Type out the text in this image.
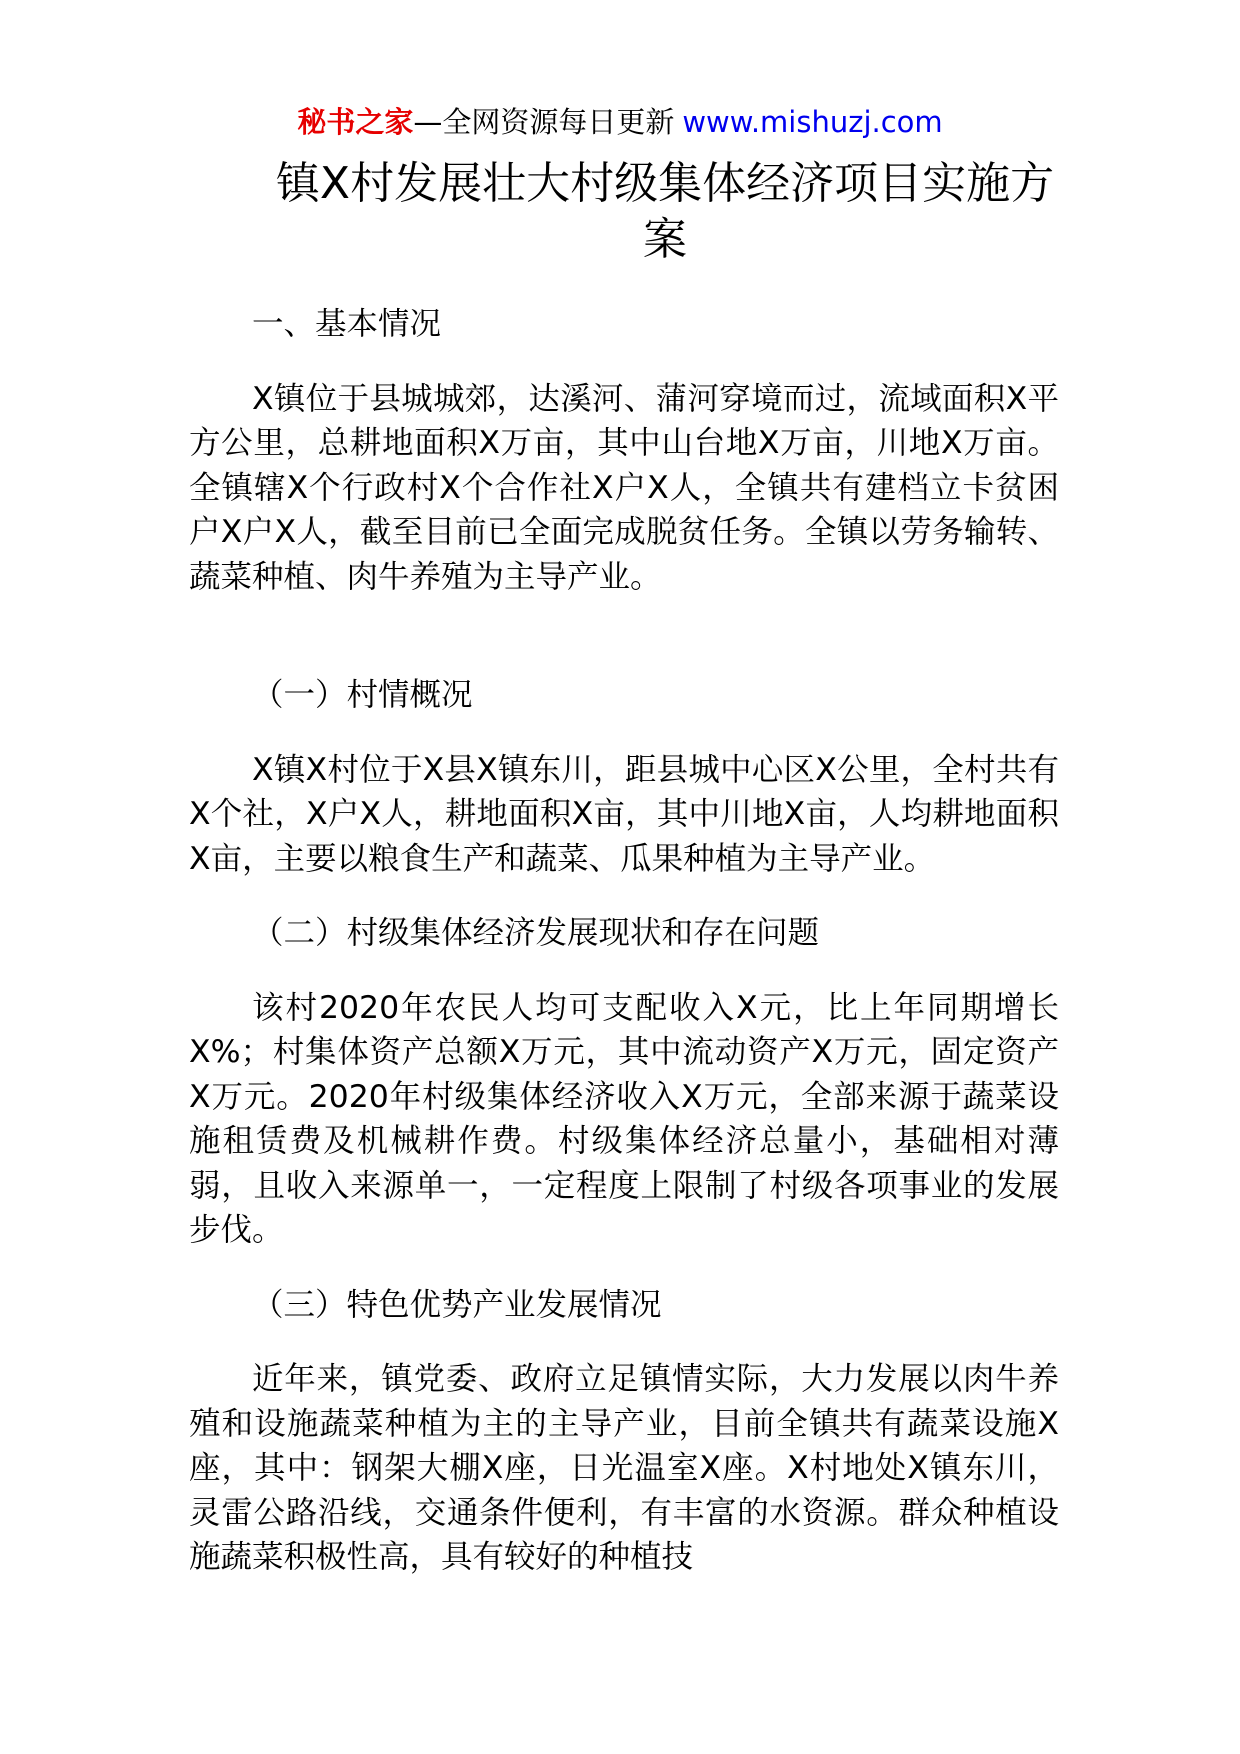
秘书之家—全网资源每日更新 www.mishuzj.com
镇X村发展壮大村级集体经济项目实施方案

一、基本情况

X镇位于县城城郊，达溪河、蒲河穿境而过，流域面积X平方公里，总耕地面积X万亩，其中山台地X万亩，川地X万亩。全镇辖X个行政村X个合作社X户X人，全镇共有建档立卡贫困户X户X人，截至目前已全面完成脱贫任务。全镇以劳务输转、蔬菜种植、肉牛养殖为主导产业。

（一）村情概况

X镇X村位于X县X镇东川，距县城中心区X公里，全村共有X个社，X户X人，耕地面积X亩，其中川地X亩，人均耕地面积X亩，主要以粮食生产和蔬菜、瓜果种植为主导产业。

（二）村级集体经济发展现状和存在问题

该村2020年农民人均可支配收入X元，比上年同期增长X%；村集体资产总额X万元，其中流动资产X万元，固定资产X万元。2020年村级集体经济收入X万元，全部来源于蔬菜设施租赁费及机械耕作费。村级集体经济总量小，基础相对薄弱，且收入来源单一，一定程度上限制了村级各项事业的发展步伐。

（三）特色优势产业发展情况

近年来，镇党委、政府立足镇情实际，大力发展以肉牛养殖和设施蔬菜种植为主的主导产业，目前全镇共有蔬菜设施X座，其中：钢架大棚X座，日光温室X座。X村地处X镇东川，灵雷公路沿线，交通条件便利，有丰富的水资源。群众种植设施蔬菜积极性高，具有较好的种植技
